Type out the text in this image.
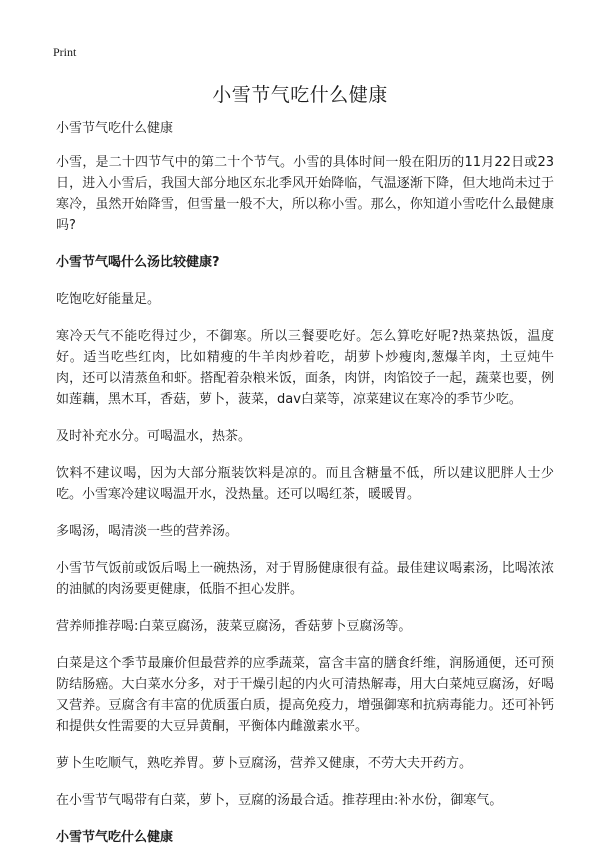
Print
小雪节气吃什么健康

小雪节气吃什么健康

小雪，是二十四节气中的第二十个节气。小雪的具体时间一般在阳历的11月22日或23日，进入小雪后，我国大部分地区东北季风开始降临，气温逐渐下降，但大地尚未过于寒冷，虽然开始降雪，但雪量一般不大，所以称小雪。那么，你知道小雪吃什么最健康吗?

小雪节气喝什么汤比较健康?

吃饱吃好能量足。

寒冷天气不能吃得过少，不御寒。所以三餐要吃好。怎么算吃好呢?热菜热饭，温度好。适当吃些红肉，比如精瘦的牛羊肉炒着吃，胡萝卜炒瘦肉,葱爆羊肉，土豆炖牛肉，还可以清蒸鱼和虾。搭配着杂粮米饭，面条，肉饼，肉馅饺子一起，蔬菜也要，例如莲藕，黑木耳，香菇，萝卜，菠菜，dav白菜等，凉菜建议在寒冷的季节少吃。

及时补充水分。可喝温水，热茶。

饮料不建议喝，因为大部分瓶装饮料是凉的。而且含糖量不低，所以建议肥胖人士少吃。小雪寒冷建议喝温开水，没热量。还可以喝红茶，暖暖胃。

多喝汤，喝清淡一些的营养汤。

小雪节气饭前或饭后喝上一碗热汤，对于胃肠健康很有益。最佳建议喝素汤，比喝浓浓的油腻的肉汤要更健康，低脂不担心发胖。

营养师推荐喝:白菜豆腐汤，菠菜豆腐汤，香菇萝卜豆腐汤等。

白菜是这个季节最廉价但最营养的应季蔬菜，富含丰富的膳食纤维，润肠通便，还可预防结肠癌。大白菜水分多，对于干燥引起的内火可清热解毒，用大白菜炖豆腐汤，好喝又营养。豆腐含有丰富的优质蛋白质，提高免疫力，增强御寒和抗病毒能力。还可补钙和提供女性需要的大豆异黄酮，平衡体内雌激素水平。

萝卜生吃顺气，熟吃养胃。萝卜豆腐汤，营养又健康，不劳大夫开药方。

在小雪节气喝带有白菜，萝卜，豆腐的汤最合适。推荐理由:补水份，御寒气。

小雪节气吃什么健康
